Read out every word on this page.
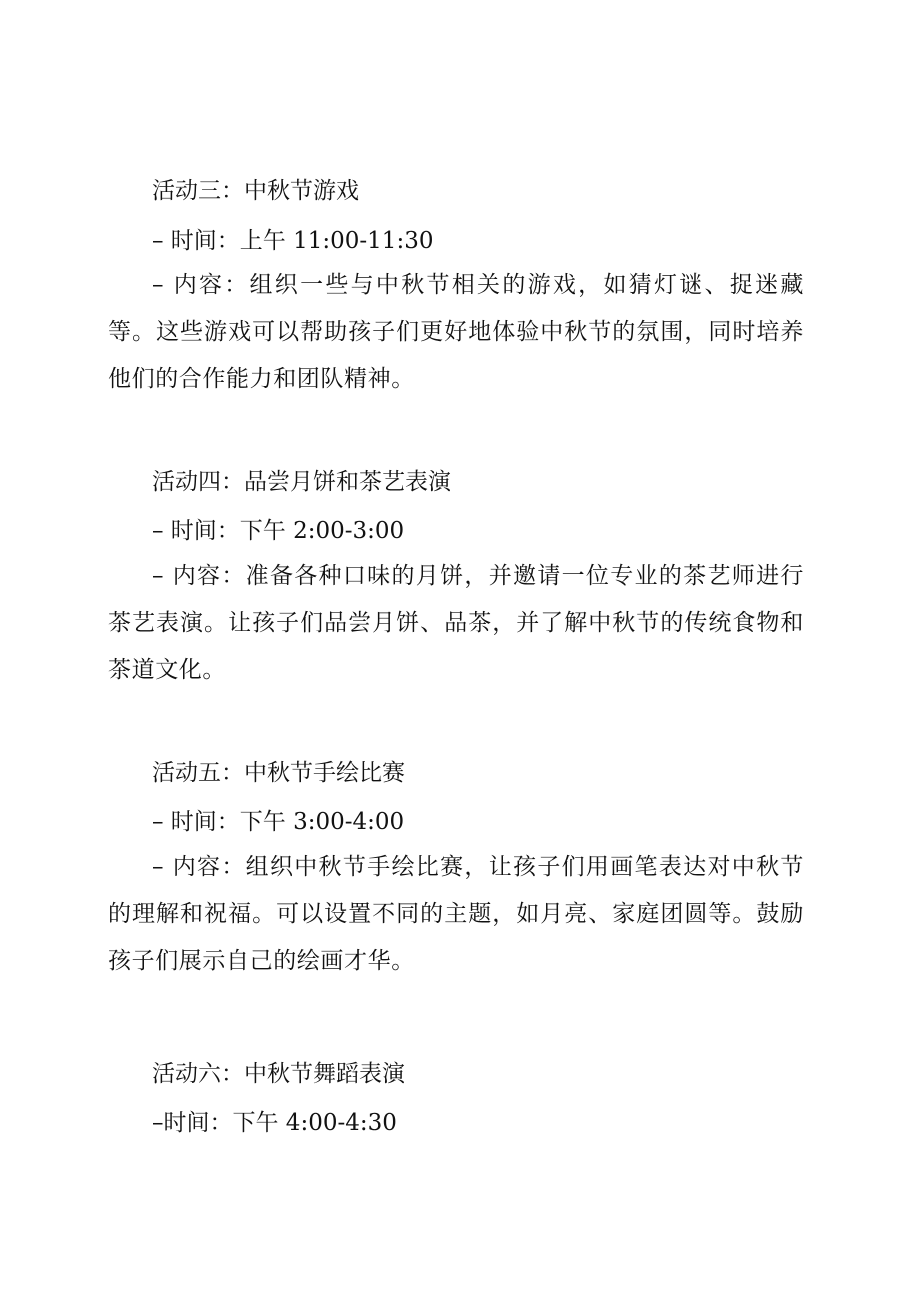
活动三：中秋节游戏
– 时间：上午 11:00-11:30
– 内容：组织一些与中秋节相关的游戏，如猜灯谜、捉迷藏等。这些游戏可以帮助孩子们更好地体验中秋节的氛围，同时培养他们的合作能力和团队精神。
活动四：品尝月饼和茶艺表演
– 时间：下午 2:00-3:00
– 内容：准备各种口味的月饼，并邀请一位专业的茶艺师进行茶艺表演。让孩子们品尝月饼、品茶，并了解中秋节的传统食物和茶道文化。
活动五：中秋节手绘比赛
– 时间：下午 3:00-4:00
– 内容：组织中秋节手绘比赛，让孩子们用画笔表达对中秋节的理解和祝福。可以设置不同的主题，如月亮、家庭团圆等。鼓励孩子们展示自己的绘画才华。
活动六：中秋节舞蹈表演
–时间：下午 4:00-4:30
